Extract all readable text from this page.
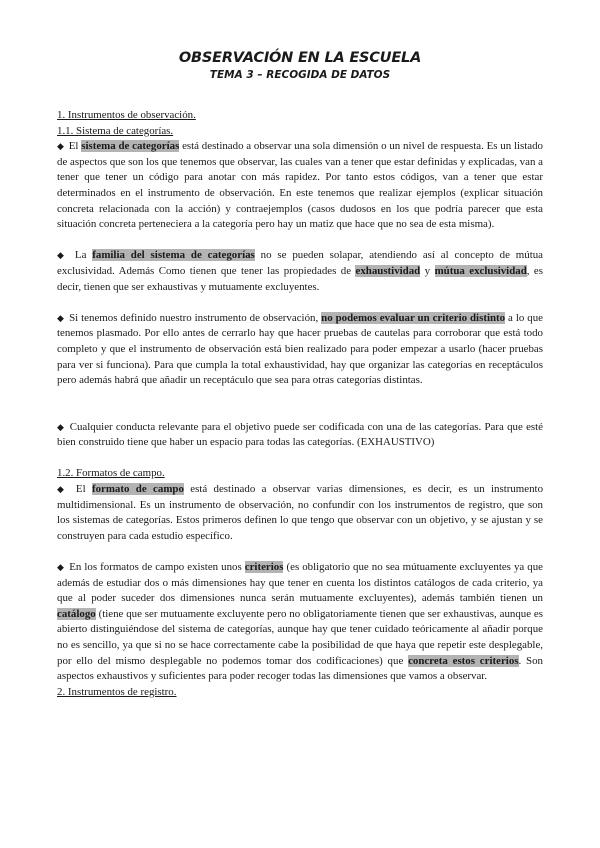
OBSERVACIÓN EN LA ESCUELA

TEMA 3 – RECOGIDA DE DATOS

1. Instrumentos de observación.

1.1. Sistema de categorías.

◆ El sistema de categorías está destinado a observar una sola dimensión o un nivel de respuesta. Es un listado de aspectos que son los que tenemos que observar, las cuales van a tener que estar definidas y explicadas, van a tener que tener un código para anotar con más rapidez. Por tanto estos códigos, van a tener que estar determinados en el instrumento de observación. En este tenemos que realizar ejemplos (explicar situación concreta relacionada con la acción) y contraejemplos (casos dudosos en los que podría parecer que esta situación concreta perteneciera a la categoría pero hay un matiz que hace que no sea de esta misma).

◆ La familia del sistema de categorías no se pueden solapar, atendiendo así al concepto de mútua exclusividad. Además Como tienen que tener las propiedades de exhaustividad y mútua exclusividad, es decir, tienen que ser exhaustivas y mutuamente excluyentes.

◆ Si tenemos definido nuestro instrumento de observación, no podemos evaluar un criterio distinto a lo que tenemos plasmado. Por ello antes de cerrarlo hay que hacer pruebas de cautelas para corroborar que está todo completo y que el instrumento de observación está bien realizado para poder empezar a usarlo (hacer pruebas para ver si funciona). Para que cumpla la total exhaustividad, hay que organizar las categorías en receptáculos pero además habrá que añadir un receptáculo que sea para otras categorías distintas.

◆ Cualquier conducta relevante para el objetivo puede ser codificada con una de las categorías. Para que esté bien construido tiene que haber un espacio para todas las categorías. (EXHAUSTIVO)

1.2. Formatos de campo.

◆ El formato de campo está destinado a observar varias dimensiones, es decir, es un instrumento multidimensional. Es un instrumento de observación, no confundir con los instrumentos de registro, que son los sistemas de categorías. Estos primeros definen lo que tengo que observar con un objetivo, y se ajustan y se construyen para cada estudio específico.

◆ En los formatos de campo existen unos criterios (es obligatorio que no sea mútuamente excluyentes ya que además de estudiar dos o más dimensiones hay que tener en cuenta los distintos catálogos de cada criterio, ya que al poder suceder dos dimensiones nunca serán mutuamente excluyentes), además también tienen un catálogo (tiene que ser mutuamente excluyente pero no obligatoriamente tienen que ser exhaustivas, aunque es abierto distinguiéndose del sistema de categorías, aunque hay que tener cuidado teóricamente al añadir porque no es sencillo, ya que si no se hace correctamente cabe la posibilidad de que haya que repetir este desplegable, por ello del mismo desplegable no podemos tomar dos codificaciones) que concreta estos criterios. Son aspectos exhaustivos y suficientes para poder recoger todas las dimensiones que vamos a observar.

2. Instrumentos de registro.
